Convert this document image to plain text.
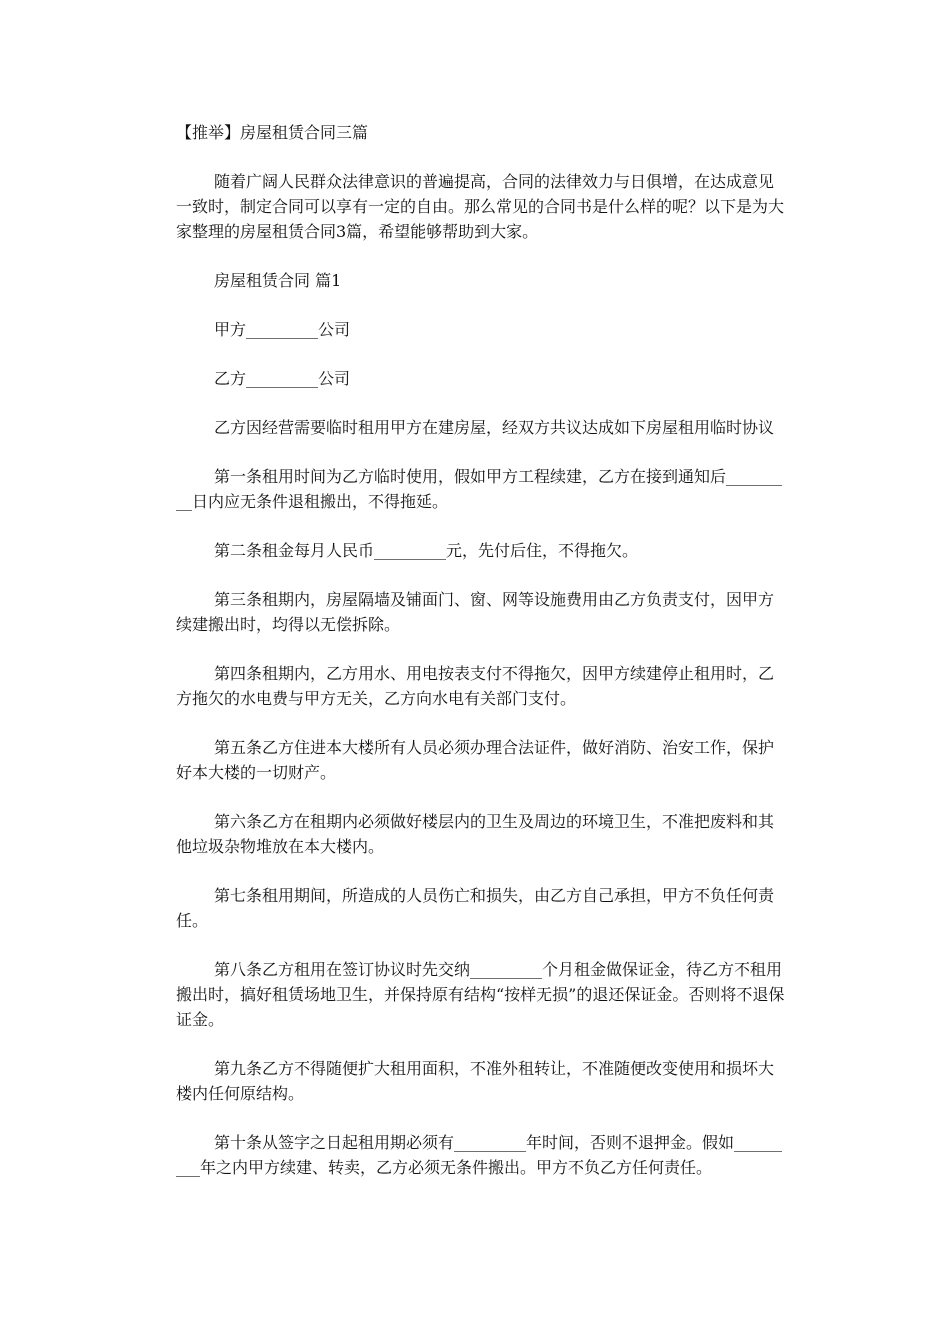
【推举】房屋租赁合同三篇
随着广阔人民群众法律意识的普遍提高，合同的法律效力与日俱增，在达成意见一致时，制定合同可以享有一定的自由。那么常见的合同书是什么样的呢？以下是为大家整理的房屋租赁合同3篇，希望能够帮助到大家。
房屋租赁合同 篇1
甲方_________公司
乙方_________公司
乙方因经营需要临时租用甲方在建房屋，经双方共议达成如下房屋租用临时协议
第一条租用时间为乙方临时使用，假如甲方工程续建，乙方在接到通知后_________日内应无条件退租搬出，不得拖延。
第二条租金每月人民币_________元，先付后住，不得拖欠。
第三条租期内，房屋隔墙及铺面门、窗、网等设施费用由乙方负责支付，因甲方续建搬出时，均得以无偿拆除。
第四条租期内，乙方用水、用电按表支付不得拖欠，因甲方续建停止租用时，乙方拖欠的水电费与甲方无关，乙方向水电有关部门支付。
第五条乙方住进本大楼所有人员必须办理合法证件，做好消防、治安工作，保护好本大楼的一切财产。
第六条乙方在租期内必须做好楼层内的卫生及周边的环境卫生，不准把废料和其他垃圾杂物堆放在本大楼内。
第七条租用期间，所造成的人员伤亡和损失，由乙方自己承担，甲方不负任何责任。
第八条乙方租用在签订协议时先交纳_________个月租金做保证金，待乙方不租用搬出时，搞好租赁场地卫生，并保持原有结构“按样无损”的退还保证金。否则将不退保证金。
第九条乙方不得随便扩大租用面积，不准外租转让，不准随便改变使用和损坏大楼内任何原结构。
第十条从签字之日起租用期必须有_________年时间，否则不退押金。假如_________年之内甲方续建、转卖，乙方必须无条件搬出。甲方不负乙方任何责任。
